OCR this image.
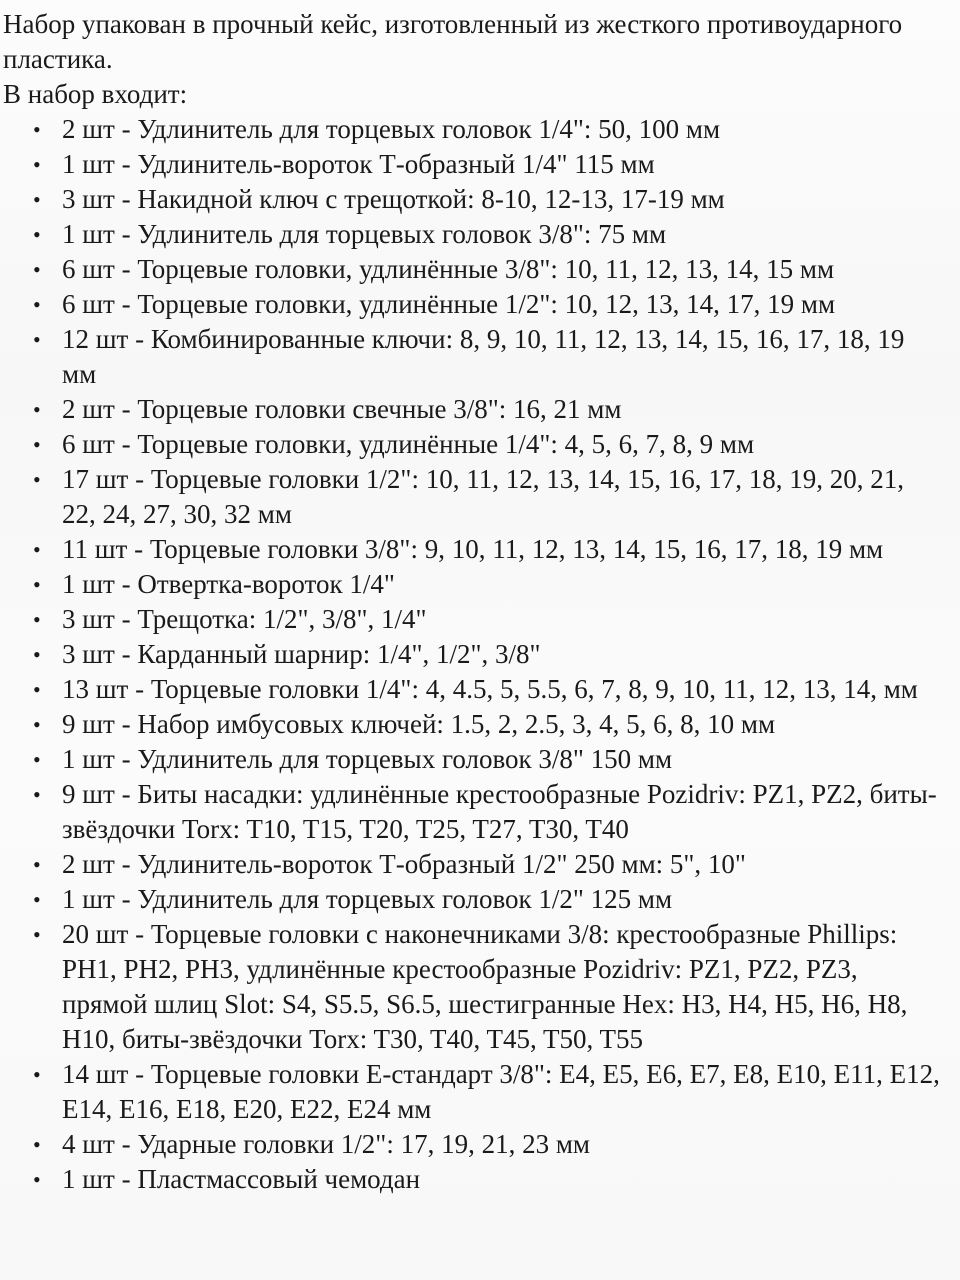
Набор упакован в прочный кейс, изготовленный из жесткого противоударного пластика.
В набор входит:
• 2 шт - Удлинитель для торцевых головок 1/4": 50, 100 мм
• 1 шт - Удлинитель-вороток Т-образный 1/4" 115 мм
• 3 шт - Накидной ключ с трещоткой: 8-10, 12-13, 17-19 мм
• 1 шт - Удлинитель для торцевых головок 3/8": 75 мм
• 6 шт - Торцевые головки, удлинённые 3/8": 10, 11, 12, 13, 14, 15 мм
• 6 шт - Торцевые головки, удлинённые 1/2": 10, 12, 13, 14, 17, 19 мм
• 12 шт - Комбинированные ключи: 8, 9, 10, 11, 12, 13, 14, 15, 16, 17, 18, 19 мм
• 2 шт - Торцевые головки свечные 3/8": 16, 21 мм
• 6 шт - Торцевые головки, удлинённые 1/4": 4, 5, 6, 7, 8, 9 мм
• 17 шт - Торцевые головки 1/2": 10, 11, 12, 13, 14, 15, 16, 17, 18, 19, 20, 21, 22, 24, 27, 30, 32 мм
• 11 шт - Торцевые головки 3/8": 9, 10, 11, 12, 13, 14, 15, 16, 17, 18, 19 мм
• 1 шт - Отвертка-вороток 1/4"
• 3 шт - Трещотка: 1/2", 3/8", 1/4"
• 3 шт - Карданный шарнир: 1/4", 1/2", 3/8"
• 13 шт - Торцевые головки 1/4": 4, 4.5, 5, 5.5, 6, 7, 8, 9, 10, 11, 12, 13, 14, мм
• 9 шт - Набор имбусовых ключей: 1.5, 2, 2.5, 3, 4, 5, 6, 8, 10 мм
• 1 шт - Удлинитель для торцевых головок 3/8" 150 мм
• 9 шт - Биты насадки: удлинённые крестообразные Pozidriv: PZ1, PZ2, биты-звёздочки Torx: T10, T15, T20, T25, T27, T30, T40
• 2 шт - Удлинитель-вороток Т-образный 1/2" 250 мм: 5", 10"
• 1 шт - Удлинитель для торцевых головок 1/2" 125 мм
• 20 шт - Торцевые головки с наконечниками 3/8: крестообразные Phillips: PH1, PH2, PH3, удлинённые крестообразные Pozidriv: PZ1, PZ2, PZ3, прямой шлиц Slot: S4, S5.5, S6.5, шестигранные Hex: H3, H4, H5, H6, H8, H10, биты-звёздочки Torx: T30, T40, T45, T50, T55
• 14 шт - Торцевые головки Е-стандарт 3/8": E4, E5, E6, E7, E8, E10, E11, E12, E14, E16, E18, E20, E22, E24 мм
• 4 шт - Ударные головки 1/2": 17, 19, 21, 23 мм
• 1 шт - Пластмассовый чемодан
